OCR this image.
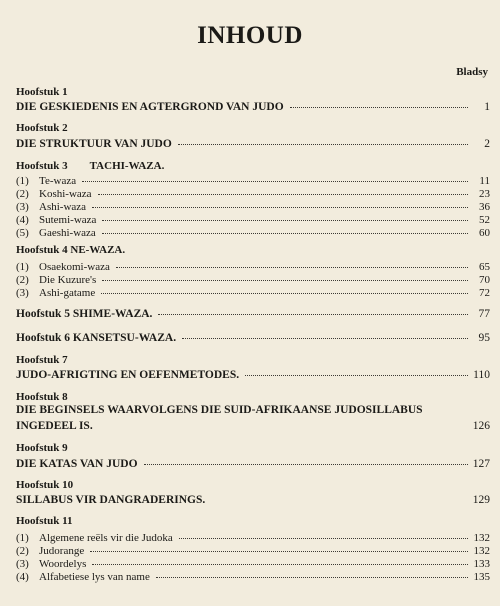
INHOUD
Bladsy
Hoofstuk 1
DIE GESKIEDENIS EN AGTERGROND VAN JUDO	1
Hoofstuk 2
DIE STRUKTUUR VAN JUDO	2
Hoofstuk 3 TACHI-WAZA.
(1) Te-waza	11
(2) Koshi-waza	23
(3) Ashi-waza	36
(4) Sutemi-waza	52
(5) Gaeshi-waza	60
Hoofstuk 4 NE-WAZA.
(1) Osaekomi-waza	65
(2) Die Kuzure's	70
(3) Ashi-gatame	72
Hoofstuk 5 SHIME-WAZA.	77
Hoofstuk 6 KANSETSU-WAZA.	95
Hoofstuk 7
JUDO-AFRIGTING EN OEFENMETODES.	110
Hoofstuk 8
DIE BEGINSELS WAARVOLGENS DIE SUID-AFRIKAANSE JUDOSILLABUS
INGEDEEL IS.	126
Hoofstuk 9
DIE KATAS VAN JUDO	127
Hoofstuk 10
SILLABUS VIR DANGRADERINGS.	129
Hoofstuk 11
(1) Algemene reëls vir die Judoka	132
(2) Judorange	132
(3) Woordelys	133
(4) Alfabetiese lys van name	135
